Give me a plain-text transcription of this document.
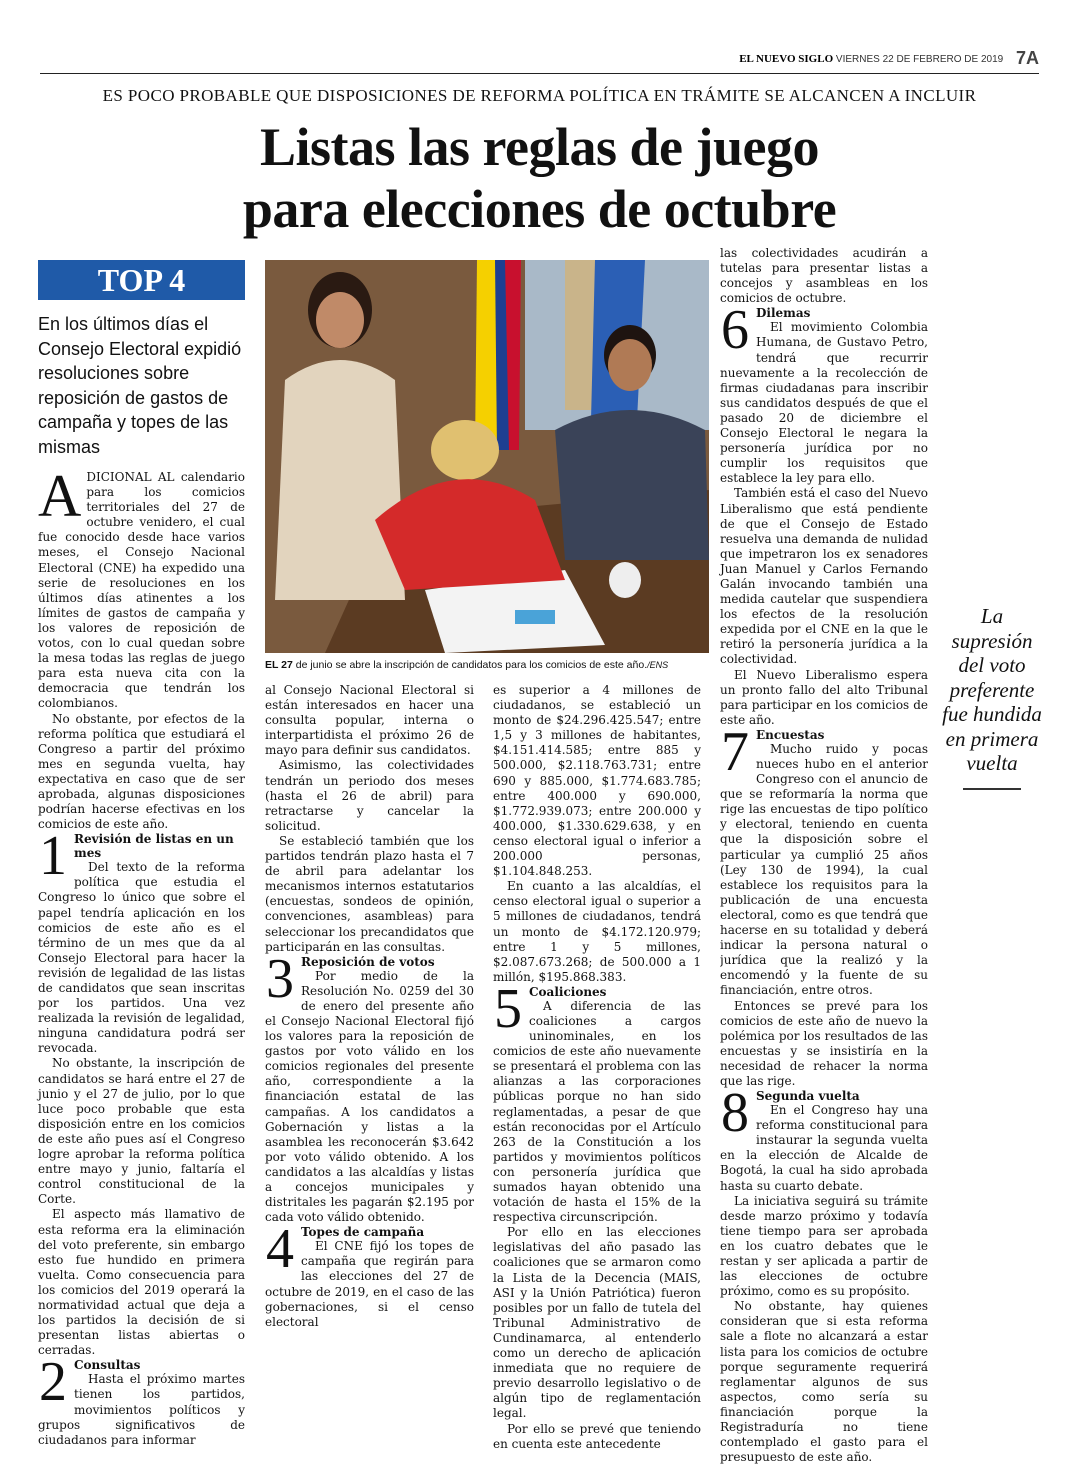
EL NUEVO SIGLO VIERNES 22 DE FEBRERO DE 2019 7A
ES POCO PROBABLE QUE DISPOSICIONES DE REFORMA POLÍTICA EN TRÁMITE SE ALCANCEN A INCLUIR
Listas las reglas de juego
para elecciones de octubre
TOP 4
En los últimos días el Consejo Electoral expidió resoluciones sobre reposición de gastos de campaña y topes de las mismas
EL 27 de junio se abre la inscripción de candidatos para los comicios de este año./ENS

ADICIONAL AL calendario para los comicios territoriales del 27 de octubre venidero, el cual fue conocido desde hace varios meses, el Consejo Nacional Electoral (CNE) ha expedido una serie de resoluciones en los últimos días atinentes a los límites de gastos de campaña y los valores de reposición de votos, con lo cual quedan sobre la mesa todas las reglas de juego para esta nueva cita con la democracia que tendrán los colombianos.

No obstante, por efectos de la reforma política que estudiará el Congreso a partir del próximo mes en segunda vuelta, hay expectativa en caso que de ser aprobada, algunas disposiciones podrían hacerse efectivas en los comicios de este año.

1 Revisión de listas en un mes

Del texto de la reforma política que estudia el Congreso lo único que sobre el papel tendría aplicación en los comicios de este año es el término de un mes que da al Consejo Electoral para hacer la revisión de legalidad de las listas de candidatos que sean inscritas por los partidos. Una vez realizada la revisión de legalidad, ninguna candidatura podrá ser revocada.

No obstante, la inscripción de candidatos se hará entre el 27 de junio y el 27 de julio, por lo que luce poco probable que esta disposición entre en los comicios de este año pues así el Congreso logre aprobar la reforma política entre mayo y junio, faltaría el control constitucional de la Corte.

El aspecto más llamativo de esta reforma era la eliminación del voto preferente, sin embargo esto fue hundido en primera vuelta. Como consecuencia para los comicios del 2019 operará la normatividad actual que deja a los partidos la decisión de si presentan listas abiertas o cerradas.

2 Consultas

Hasta el próximo martes tienen los partidos, movimientos políticos y grupos significativos de ciudadanos para informar

al Consejo Nacional Electoral si están interesados en hacer una consulta popular, interna o interpartidista el próximo 26 de mayo para definir sus candidatos.

Asimismo, las colectividades tendrán un periodo dos meses (hasta el 26 de abril) para retractarse y cancelar la solicitud.

Se estableció también que los partidos tendrán plazo hasta el 7 de abril para adelantar los mecanismos internos estatutarios (encuestas, sondeos de opinión, convenciones, asambleas) para seleccionar los precandidatos que participarán en las consultas.

3 Reposición de votos

Por medio de la Resolución No. 0259 del 30 de enero del presente año el Consejo Nacional Electoral fijó los valores para la reposición de gastos por voto válido en los comicios regionales del presente año, correspondiente a la financiación estatal de las campañas. A los candidatos a Gobernación y listas a la asamblea les reconocerán $3.642 por voto válido obtenido. A los candidatos a las alcaldías y listas a concejos municipales y distritales les pagarán $2.195 por cada voto válido obtenido.

4 Topes de campaña

El CNE fijó los topes de campaña que regirán para las elecciones del 27 de octubre de 2019, en el caso de las gobernaciones, si el censo electoral

es superior a 4 millones de ciudadanos, se estableció un monto de $24.296.425.547; entre 1,5 y 3 millones de habitantes, $4.151.414.585; entre 885 y 500.000, $2.118.763.731; entre 690 y 885.000, $1.774.683.785; entre 400.000 y 690.000, $1.772.939.073; entre 200.000 y 400.000, $1.330.629.638, y en censo electoral igual o inferior a 200.000 personas, $1.104.848.253.

En cuanto a las alcaldías, el censo electoral igual o superior a 5 millones de ciudadanos, tendrá un monto de $4.172.120.979; entre 1 y 5 millones, $2.087.673.268; de 500.000 a 1 millón, $195.868.383.

5 Coaliciones

A diferencia de las coaliciones a cargos uninominales, en los comicios de este año nuevamente se presentará el problema con las alianzas a las corporaciones públicas porque no han sido reglamentadas, a pesar de que están reconocidas por el Artículo 263 de la Constitución a los partidos y movimientos políticos con personería jurídica que sumados hayan obtenido una votación de hasta el 15% de la respectiva circunscripción.

Por ello en las elecciones legislativas del año pasado las coaliciones que se armaron como la Lista de la Decencia (MAIS, ASI y la Unión Patriótica) fueron posibles por un fallo de tutela del Tribunal Administrativo de Cundinamarca, al entenderlo como un derecho de aplicación inmediata que no requiere de previo desarrollo legislativo o de algún tipo de reglamentación legal.

Por ello se prevé que teniendo en cuenta este antecedente

las colectividades acudirán a tutelas para presentar listas a concejos y asambleas en los comicios de octubre.

6 Dilemas

El movimiento Colombia Humana, de Gustavo Petro, tendrá que recurrir nuevamente a la recolección de firmas ciudadanas para inscribir sus candidatos después de que el pasado 20 de diciembre el Consejo Electoral le negara la personería jurídica por no cumplir los requisitos que establece la ley para ello.

También está el caso del Nuevo Liberalismo que está pendiente de que el Consejo de Estado resuelva una demanda de nulidad que impetraron los ex senadores Juan Manuel y Carlos Fernando Galán invocando también una medida cautelar que suspendiera los efectos de la resolución expedida por el CNE en la que le retiró la personería jurídica a la colectividad.

El Nuevo Liberalismo espera un pronto fallo del alto Tribunal para participar en los comicios de este año.

7 Encuestas

Mucho ruido y pocas nueces hubo en el anterior Congreso con el anuncio de que se reformaría la norma que rige las encuestas de tipo político y electoral, teniendo en cuenta que la disposición sobre el particular ya cumplió 25 años (Ley 130 de 1994), la cual establece los requisitos para la publicación de una encuesta electoral, como es que tendrá que hacerse en su totalidad y deberá indicar la persona natural o jurídica que la realizó y la encomendó y la fuente de su financiación, entre otros.

Entonces se prevé para los comicios de este año de nuevo la polémica por los resultados de las encuestas y se insistiría en la necesidad de rehacer la norma que las rige.

8 Segunda vuelta

En el Congreso hay una reforma constitucional para instaurar la segunda vuelta en la elección de Alcalde de Bogotá, la cual ha sido aprobada hasta su cuarto debate.

La iniciativa seguirá su trámite desde marzo próximo y todavía tiene tiempo para ser aprobada en los cuatro debates que le restan y ser aplicada a partir de las elecciones de octubre próximo, como es su propósito.

No obstante, hay quienes consideran que si esta reforma sale a flote no alcanzará a estar lista para los comicios de octubre porque seguramente requerirá reglamentar algunos de sus aspectos, como sería su financiación porque la Registraduría no tiene contemplado el gasto para el presupuesto de este año.

La supresión del voto preferente fue hundida en primera vuelta
